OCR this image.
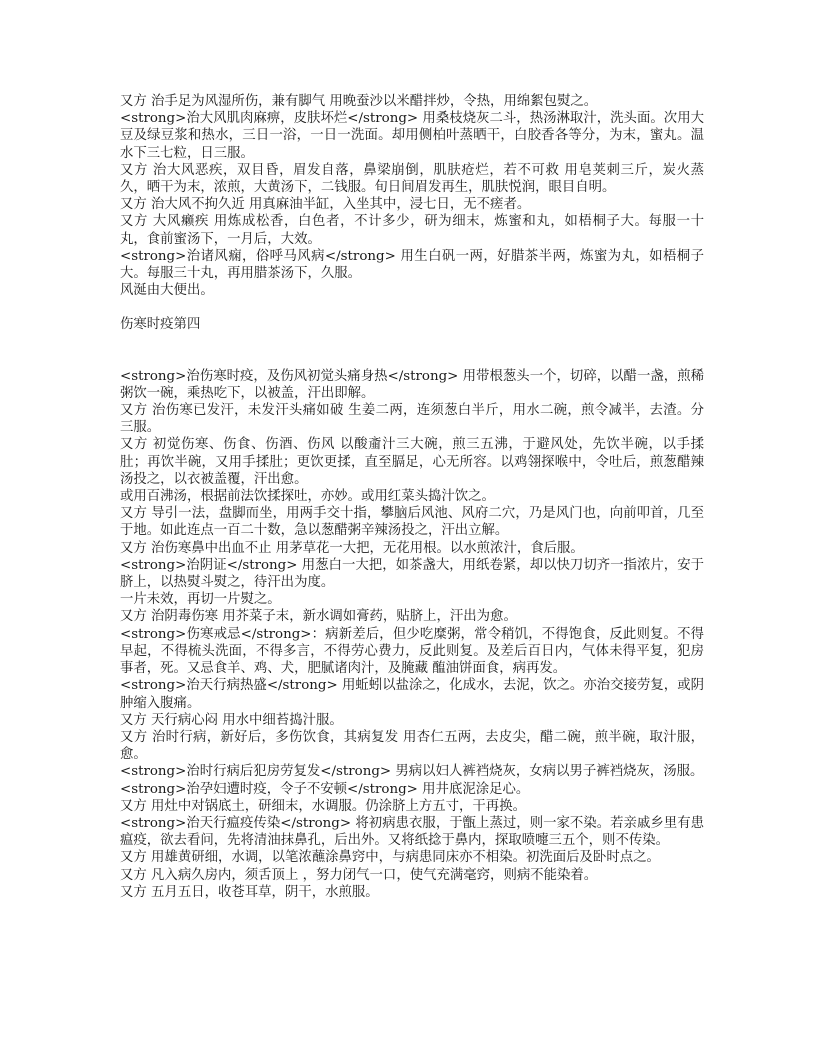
又方 治手足为风湿所伤，兼有脚气 用晚蚕沙以米醋拌炒，令热，用绵絮包熨之。

<strong>治大风肌肉麻痹，皮肤坏烂</strong> 用桑枝烧灰二斗，热汤淋取汁，洗头面。次用大豆及绿豆浆和热水，三日一浴，一日一洗面。却用侧柏叶蒸晒干，白胶香各等分，为末，蜜丸。温水下三七粒，日三服。

又方 治大风恶疾，双目昏，眉发自落，鼻梁崩倒，肌肤疮烂，若不可救 用皂荚刺三斤，炭火蒸久，晒干为末，浓煎，大黄汤下，二钱服。旬日间眉发再生，肌肤悦润，眼目自明。

又方 治大风不拘久近 用真麻油半缸，入坐其中，浸七日，无不瘥者。

又方 大风癞疾 用炼成松香，白色者，不计多少，研为细末，炼蜜和丸，如梧桐子大。每服一十丸，食前蜜汤下，一月后，大效。

<strong>治诸风痫，俗呼马风病</strong> 用生白矾一两，好腊茶半两，炼蜜为丸，如梧桐子大。每服三十丸，再用腊茶汤下，久服。

风涎由大便出。

伤寒时疫第四

<strong>治伤寒时疫，及伤风初觉头痛身热</strong> 用带根葱头一个，切碎，以醋一盏，煎稀粥饮一碗，乘热吃下，以被盖，汗出即解。

又方 治伤寒已发汗，未发汗头痛如破 生姜二两，连须葱白半斤，用水二碗，煎令减半，去渣。分三服。

又方 初觉伤寒、伤食、伤酒、伤风 以酸齑汁三大碗，煎三五沸，于避风处，先饮半碗，以手揉肚；再饮半碗，又用手揉肚；更饮更揉，直至膈足，心无所容。以鸡翎探喉中，令吐后，煎葱醋辣汤投之，以衣被盖覆，汗出愈。

或用百沸汤，根据前法饮揉探吐，亦妙。或用红菜头捣汁饮之。

又方 导引一法，盘脚而坐，用两手交十指，攀脑后风池、风府二穴，乃是风门也，向前叩首，几至于地。如此连点一百二十数，急以葱醋粥辛辣汤投之，汗出立解。

又方 治伤寒鼻中出血不止 用茅草花一大把，无花用根。以水煎浓汁，食后服。

<strong>治阴证</strong> 用葱白一大把，如茶盏大，用纸卷紧，却以快刀切齐一指浓片，安于脐上，以热熨斗熨之，待汗出为度。

一片未效，再切一片熨之。

又方 治阴毒伤寒 用芥菜子末，新水调如膏药，贴脐上，汗出为愈。

<strong>伤寒戒忌</strong>：病新差后，但少吃糜粥，常令稍饥，不得饱食，反此则复。不得早起，不得梳头洗面，不得多言，不得劳心费力，反此则复。及差后百日内，气体未得平复，犯房事者，死。又忌食羊、鸡、犬，肥腻诸肉汁，及腌藏 醢油饼面食，病再发。

<strong>治天行病热盛</strong> 用蚯蚓以盐涂之，化成水，去泥，饮之。亦治交接劳复，或阴肿缩入腹痛。

又方 天行病心闷 用水中细苔捣汁服。

又方 治时行病，新好后，多伤饮食，其病复发 用杏仁五两，去皮尖，醋二碗，煎半碗，取汁服，愈。

<strong>治时行病后犯房劳复发</strong> 男病以妇人裤裆烧灰，女病以男子裤裆烧灰，汤服。

<strong>治孕妇遭时疫，令子不安顿</strong> 用井底泥涂足心。

又方 用灶中对锅底土，研细末，水调服。仍涂脐上方五寸，干再换。

<strong>治天行瘟疫传染</strong> 将初病患衣服，于甑上蒸过，则一家不染。若亲戚乡里有患瘟疫，欲去看问，先将清油抹鼻孔，后出外。又将纸捻于鼻内，探取喷嚏三五个，则不传染。

又方 用雄黄研细，水调，以笔浓蘸涂鼻窍中，与病患同床亦不相染。初洗面后及卧时点之。

又方 凡入病久房内，须舌顶上 ，努力闭气一口，使气充满毫窍，则病不能染着。

又方 五月五日，收苍耳草，阴干，水煎服。
